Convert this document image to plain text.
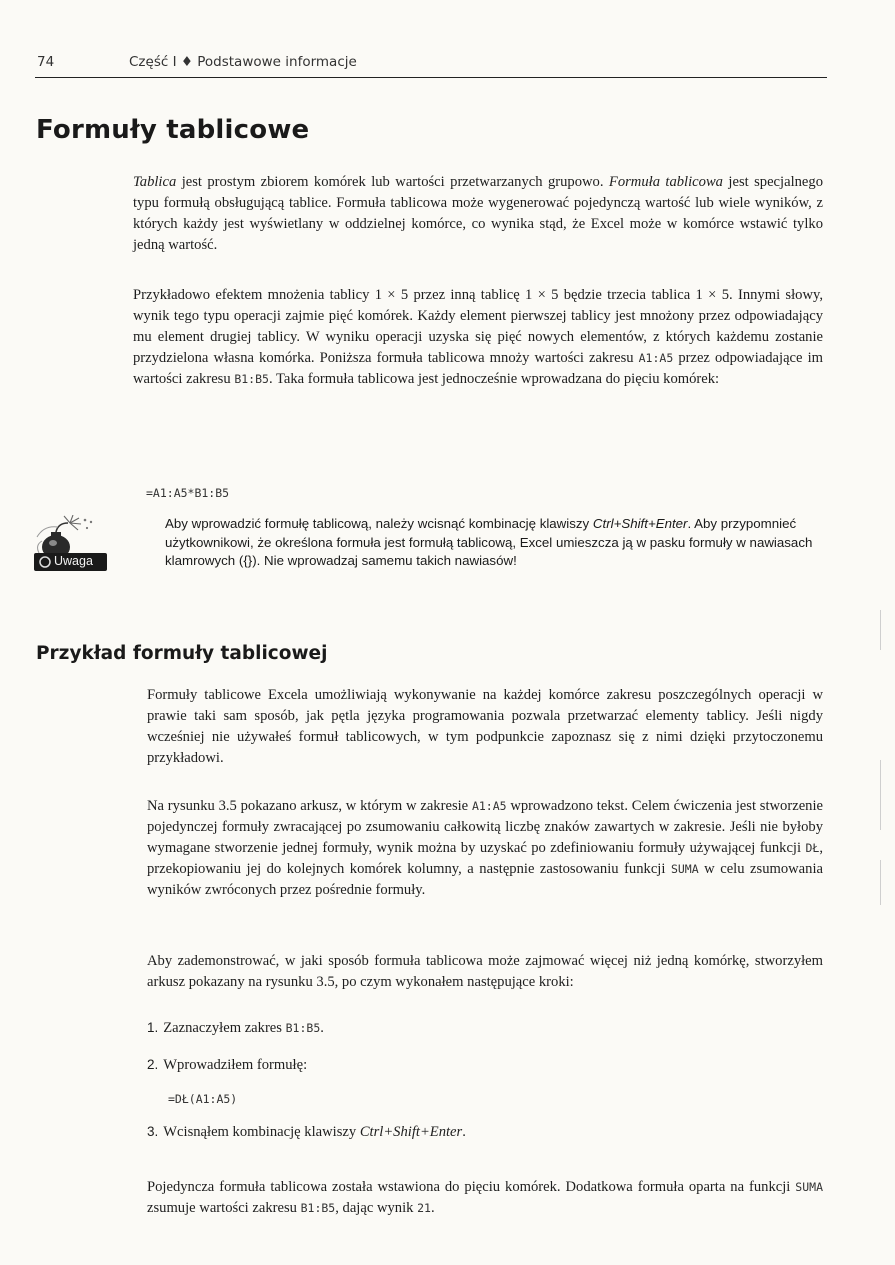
74	Część I ♦ Podstawowe informacje
Formuły tablicowe

Tablica jest prostym zbiorem komórek lub wartości przetwarzanych grupowo. Formuła tablicowa jest specjalnego typu formułą obsługującą tablice. Formuła tablicowa może wygenerować pojedynczą wartość lub wiele wyników, z których każdy jest wyświetlany w oddzielnej komórce, co wynika stąd, że Excel może w komórce wstawić tylko jedną wartość.

Przykładowo efektem mnożenia tablicy 1 × 5 przez inną tablicę 1 × 5 będzie trzecia tablica 1 × 5. Innymi słowy, wynik tego typu operacji zajmie pięć komórek. Każdy element pierwszej tablicy jest mnożony przez odpowiadający mu element drugiej tablicy. W wyniku operacji uzyska się pięć nowych elementów, z których każdemu zostanie przydzielona własna komórka. Poniższa formuła tablicowa mnoży wartości zakresu A1:A5 przez odpowiadające im wartości zakresu B1:B5. Taka formuła tablicowa jest jednocześnie wprowadzana do pięciu komórek:

=A1:A5*B1:B5

Uwaga

Aby wprowadzić formułę tablicową, należy wcisnąć kombinację klawiszy Ctrl+Shift+Enter. Aby przypomnieć użytkownikowi, że określona formuła jest formułą tablicową, Excel umieszcza ją w pasku formuły w nawiasach klamrowych ({}). Nie wprowadzaj samemu takich nawiasów!

Przykład formuły tablicowej

Formuły tablicowe Excela umożliwiają wykonywanie na każdej komórce zakresu poszczególnych operacji w prawie taki sam sposób, jak pętla języka programowania pozwala przetwarzać elementy tablicy. Jeśli nigdy wcześniej nie używałeś formuł tablicowych, w tym podpunkcie zapoznasz się z nimi dzięki przytoczonemu przykładowi.

Na rysunku 3.5 pokazano arkusz, w którym w zakresie A1:A5 wprowadzono tekst. Celem ćwiczenia jest stworzenie pojedynczej formuły zwracającej po zsumowaniu całkowitą liczbę znaków zawartych w zakresie. Jeśli nie byłoby wymagane stworzenie jednej formuły, wynik można by uzyskać po zdefiniowaniu formuły używającej funkcji DŁ, przekopiowaniu jej do kolejnych komórek kolumny, a następnie zastosowaniu funkcji SUMA w celu zsumowania wyników zwróconych przez pośrednie formuły.

Aby zademonstrować, w jaki sposób formuła tablicowa może zajmować więcej niż jedną komórkę, stworzyłem arkusz pokazany na rysunku 3.5, po czym wykonałem następujące kroki:

1. Zaznaczyłem zakres B1:B5.
2. Wprowadziłem formułę:
3. Wcisnąłem kombinację klawiszy Ctrl+Shift+Enter.

=DŁ(A1:A5)

Pojedyncza formuła tablicowa została wstawiona do pięciu komórek. Dodatkowa formuła oparta na funkcji SUMA zsumuje wartości zakresu B1:B5, dając wynik 21.
